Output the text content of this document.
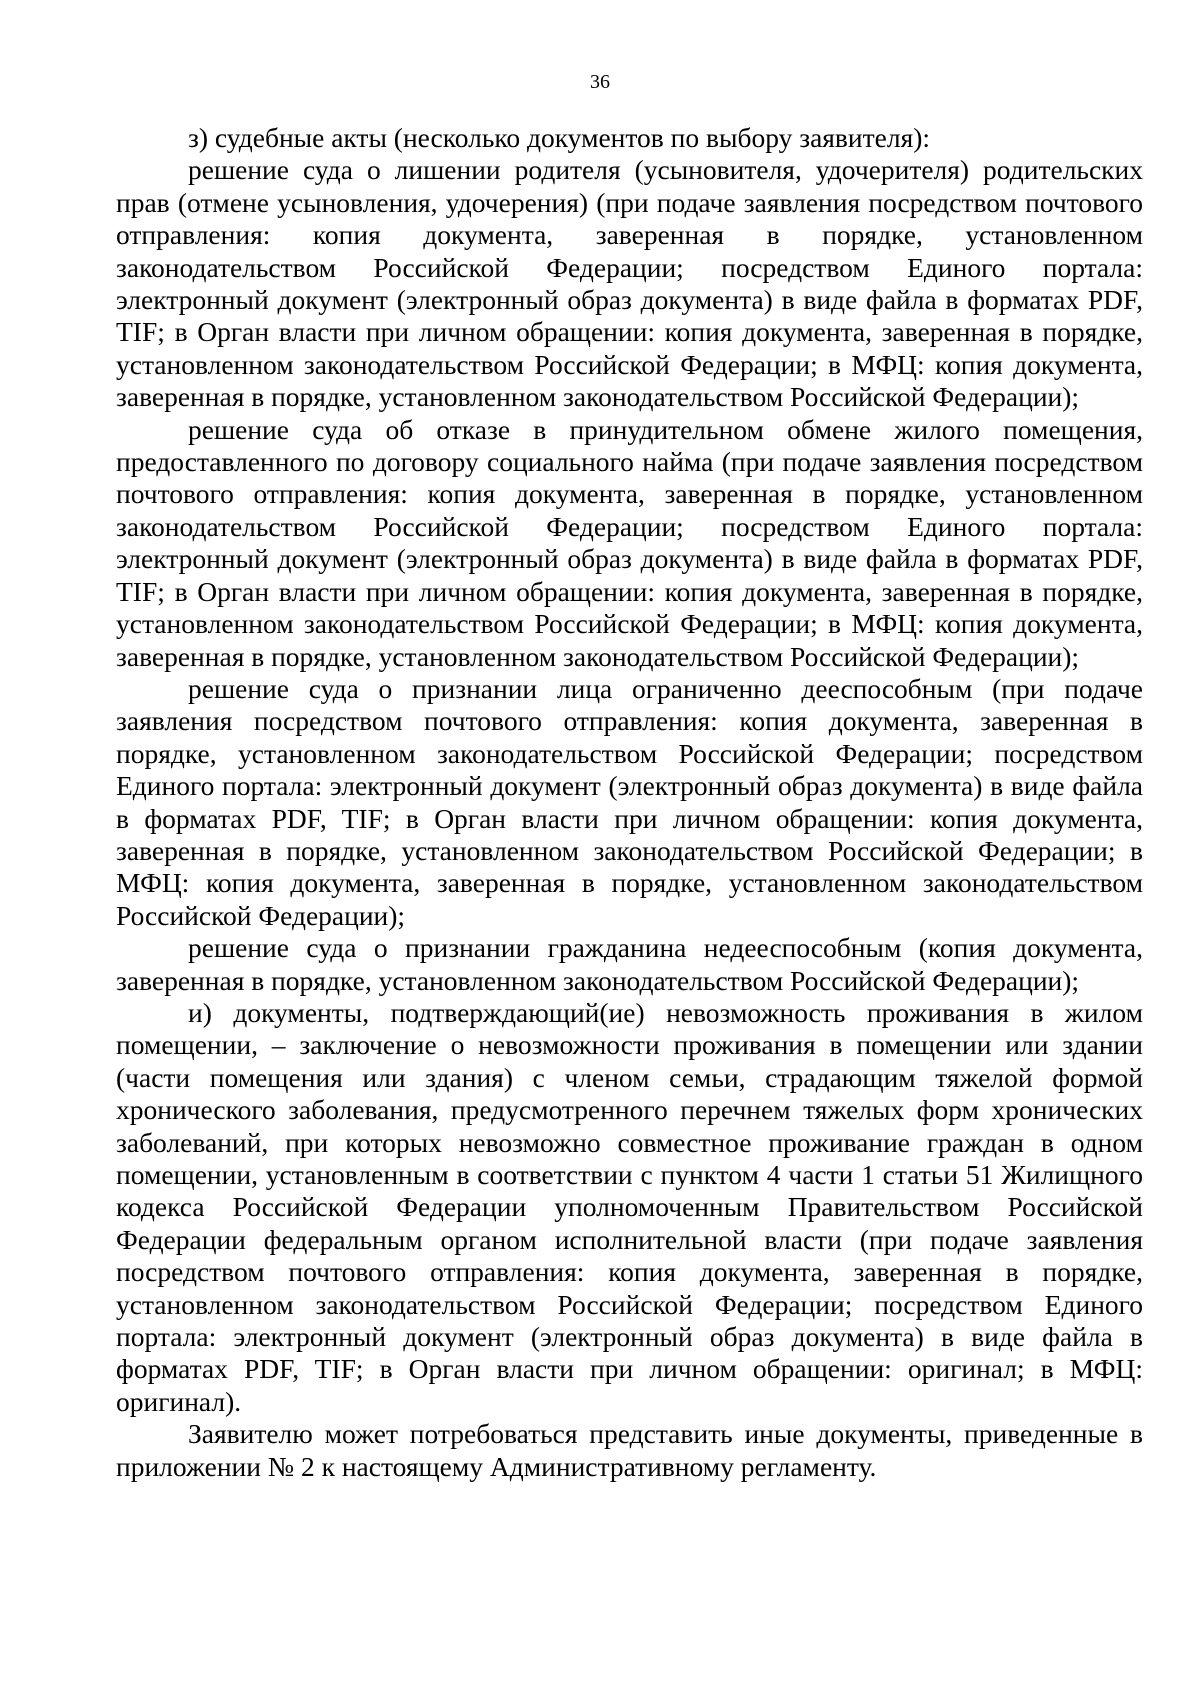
36

з) судебные акты (несколько документов по выбору заявителя):

решение суда о лишении родителя (усыновителя, удочерителя) родительских прав (отмене усыновления, удочерения) (при подаче заявления посредством почтового отправления: копия документа, заверенная в порядке, установленном законодательством Российской Федерации; посредством Единого портала: электронный документ (электронный образ документа) в виде файла в форматах PDF, TIF; в Орган власти при личном обращении: копия документа, заверенная в порядке, установленном законодательством Российской Федерации; в МФЦ: копия документа, заверенная в порядке, установленном законодательством Российской Федерации);

решение суда об отказе в принудительном обмене жилого помещения, предоставленного по договору социального найма (при подаче заявления посредством почтового отправления: копия документа, заверенная в порядке, установленном законодательством Российской Федерации; посредством Единого портала: электронный документ (электронный образ документа) в виде файла в форматах PDF, TIF; в Орган власти при личном обращении: копия документа, заверенная в порядке, установленном законодательством Российской Федерации; в МФЦ: копия документа, заверенная в порядке, установленном законодательством Российской Федерации);

решение суда о признании лица ограниченно дееспособным (при подаче заявления посредством почтового отправления: копия документа, заверенная в порядке, установленном законодательством Российской Федерации; посредством Единого портала: электронный документ (электронный образ документа) в виде файла в форматах PDF, TIF; в Орган власти при личном обращении: копия документа, заверенная в порядке, установленном законодательством Российской Федерации; в МФЦ: копия документа, заверенная в порядке, установленном законодательством Российской Федерации);

решение суда о признании гражданина недееспособным (копия документа, заверенная в порядке, установленном законодательством Российской Федерации);

и) документы, подтверждающий(ие) невозможность проживания в жилом помещении, – заключение о невозможности проживания в помещении или здании (части помещения или здания) с членом семьи, страдающим тяжелой формой хронического заболевания, предусмотренного перечнем тяжелых форм хронических заболеваний, при которых невозможно совместное проживание граждан в одном помещении, установленным в соответствии с пунктом 4 части 1 статьи 51 Жилищного кодекса Российской Федерации уполномоченным Правительством Российской Федерации федеральным органом исполнительной власти (при подаче заявления посредством почтового отправления: копия документа, заверенная в порядке, установленном законодательством Российской Федерации; посредством Единого портала: электронный документ (электронный образ документа) в виде файла в форматах PDF, TIF; в Орган власти при личном обращении: оригинал; в МФЦ: оригинал).

Заявителю может потребоваться представить иные документы, приведенные в приложении № 2 к настоящему Административному регламенту.
